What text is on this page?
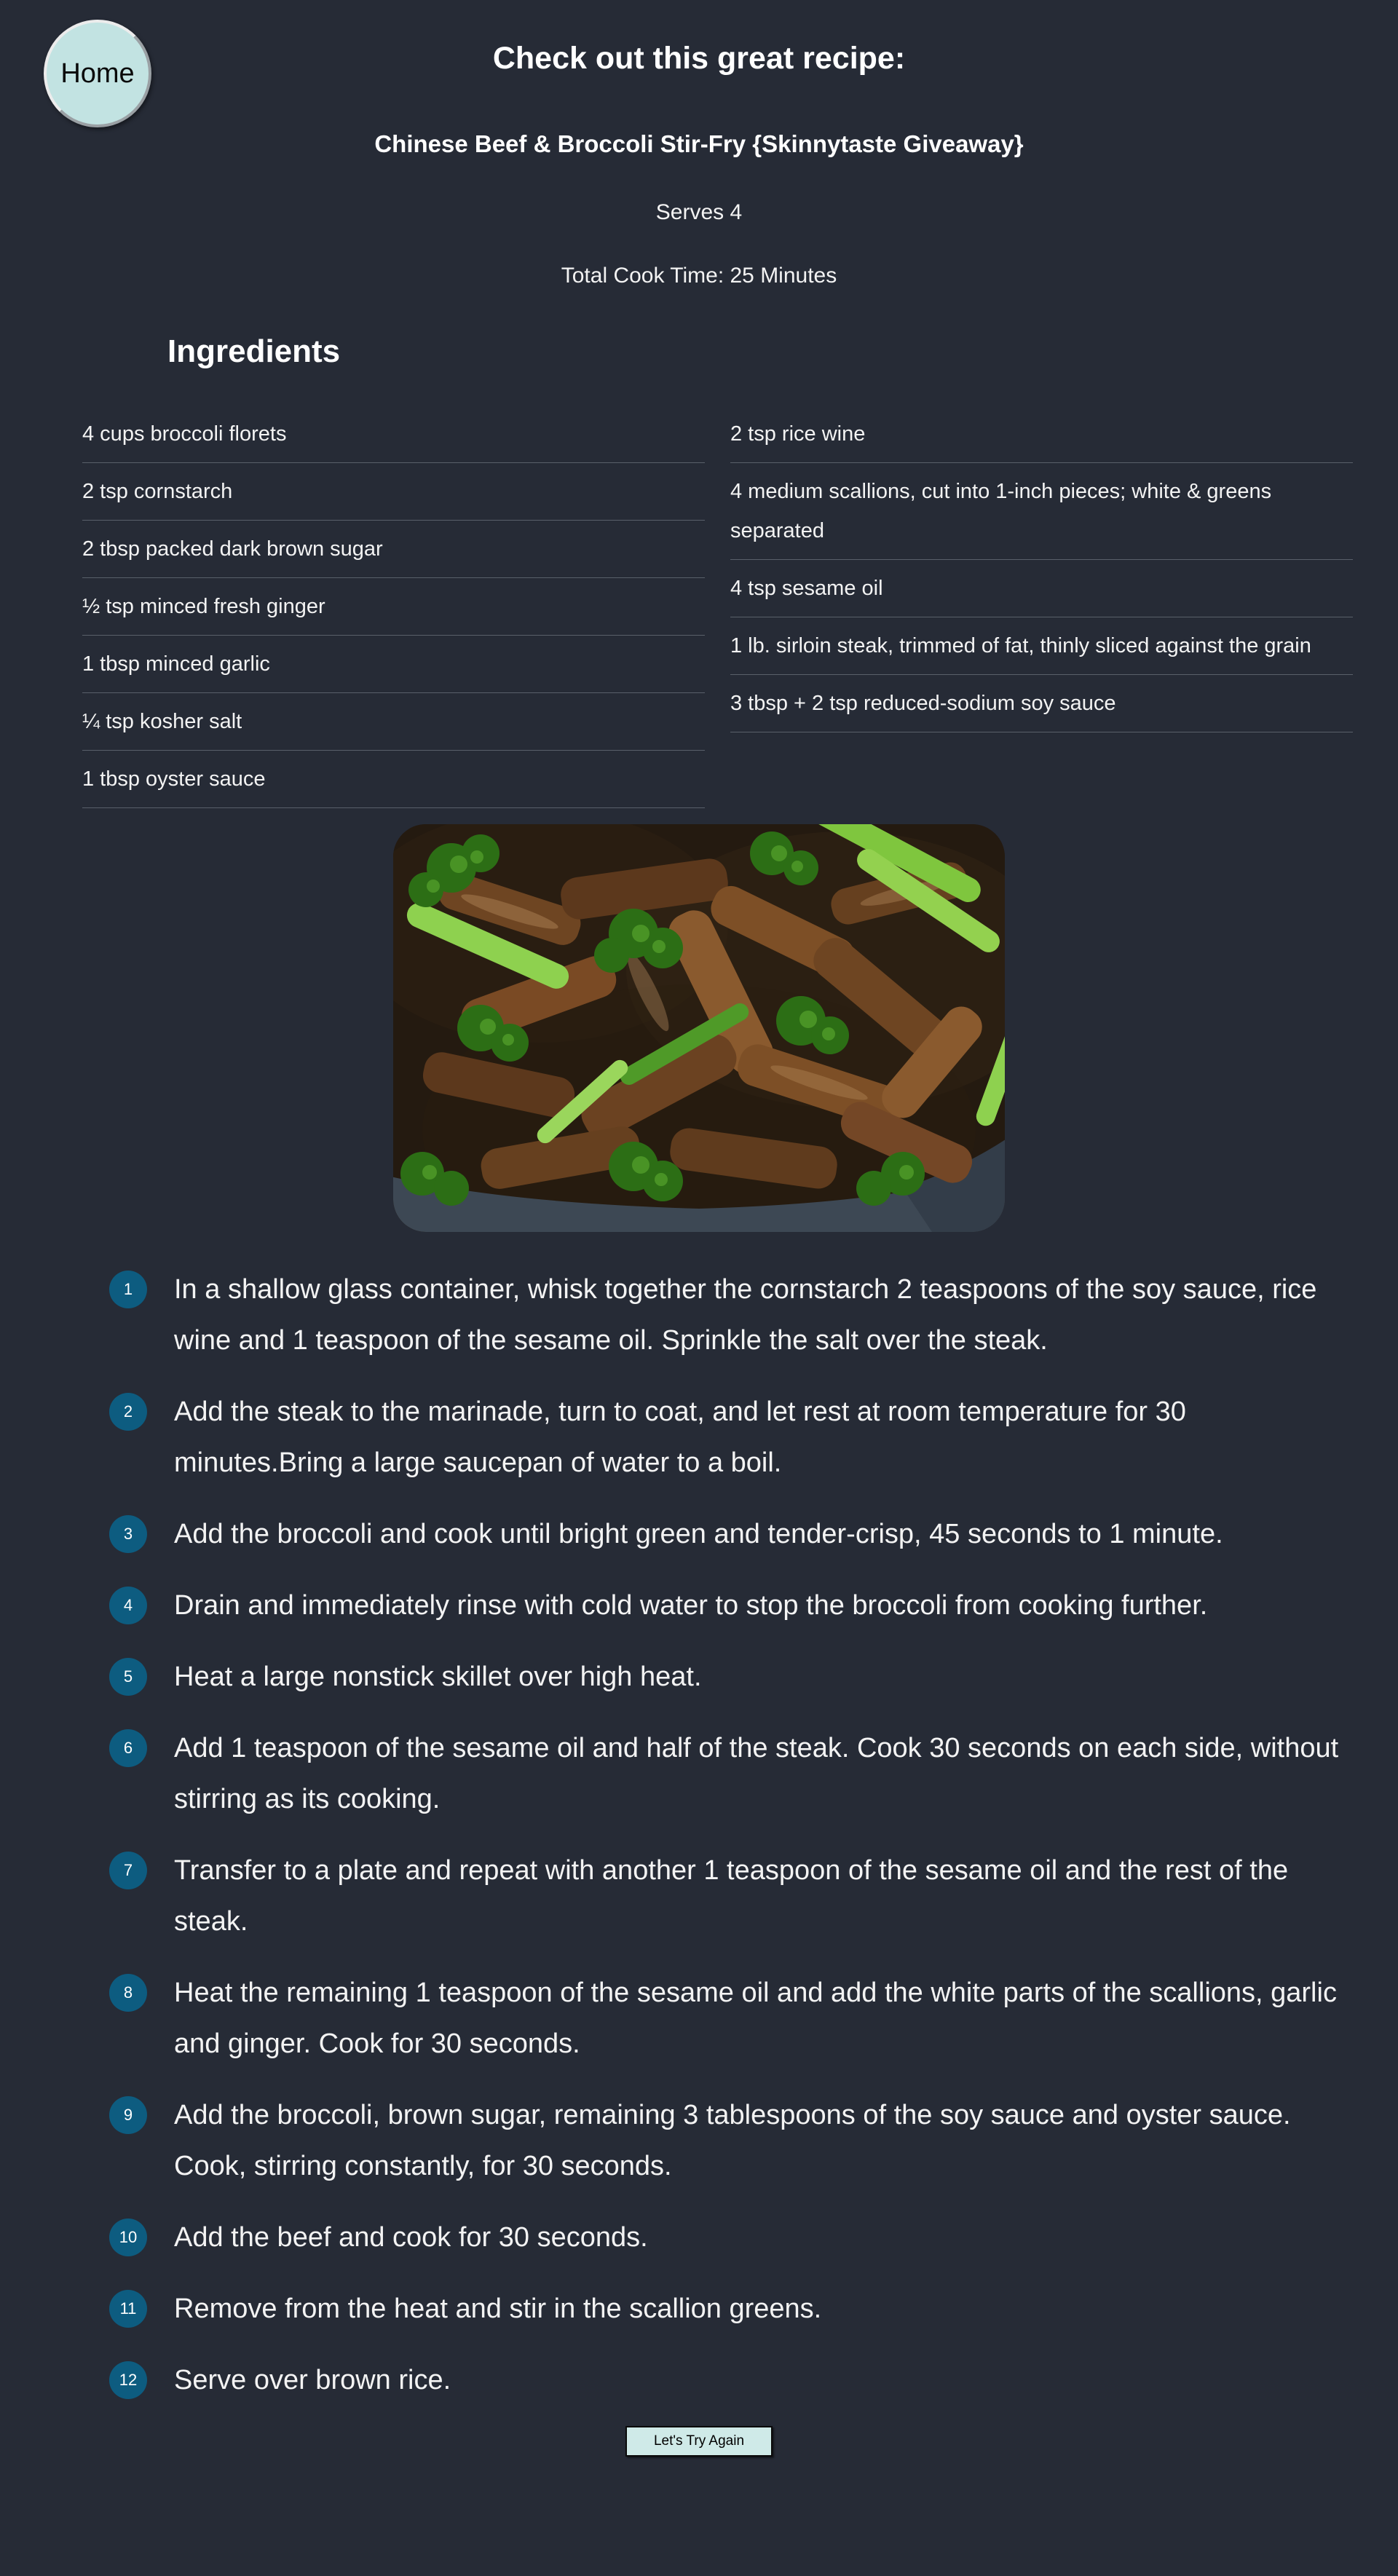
Home	Check out this great recipe:
Chinese Beef & Broccoli Stir-Fry {Skinnytaste Giveaway}

Serves 4

Total Cook Time: 25 Minutes

Ingredients
4 cups broccoli florets
2 tsp cornstarch
2 tbsp packed dark brown sugar
½ tsp minced fresh ginger
1 tbsp minced garlic
¼ tsp kosher salt
1 tbsp oyster sauce
2 tsp rice wine
4 medium scallions, cut into 1-inch pieces; white & greens separated
4 tsp sesame oil
1 lb. sirloin steak, trimmed of fat, thinly sliced against the grain
3 tbsp + 2 tsp reduced-sodium soy sauce
1	In a shallow glass container, whisk together the cornstarch 2 teaspoons of the soy sauce, rice wine and 1 teaspoon of the sesame oil. Sprinkle the salt over the steak.
2	Add the steak to the marinade, turn to coat, and let rest at room temperature for 30 minutes.Bring a large saucepan of water to a boil.
3	Add the broccoli and cook until bright green and tender-crisp, 45 seconds to 1 minute.
4	Drain and immediately rinse with cold water to stop the broccoli from cooking further.
5	Heat a large nonstick skillet over high heat.
6	Add 1 teaspoon of the sesame oil and half of the steak. Cook 30 seconds on each side, without stirring as its cooking.
7	Transfer to a plate and repeat with another 1 teaspoon of the sesame oil and the rest of the steak.
8	Heat the remaining 1 teaspoon of the sesame oil and add the white parts of the scallions, garlic and ginger. Cook for 30 seconds.
9	Add the broccoli, brown sugar, remaining 3 tablespoons of the soy sauce and oyster sauce. Cook, stirring constantly, for 30 seconds.
10	Add the beef and cook for 30 seconds.
11	Remove from the heat and stir in the scallion greens.
12	Serve over brown rice.
Let's Try Again
